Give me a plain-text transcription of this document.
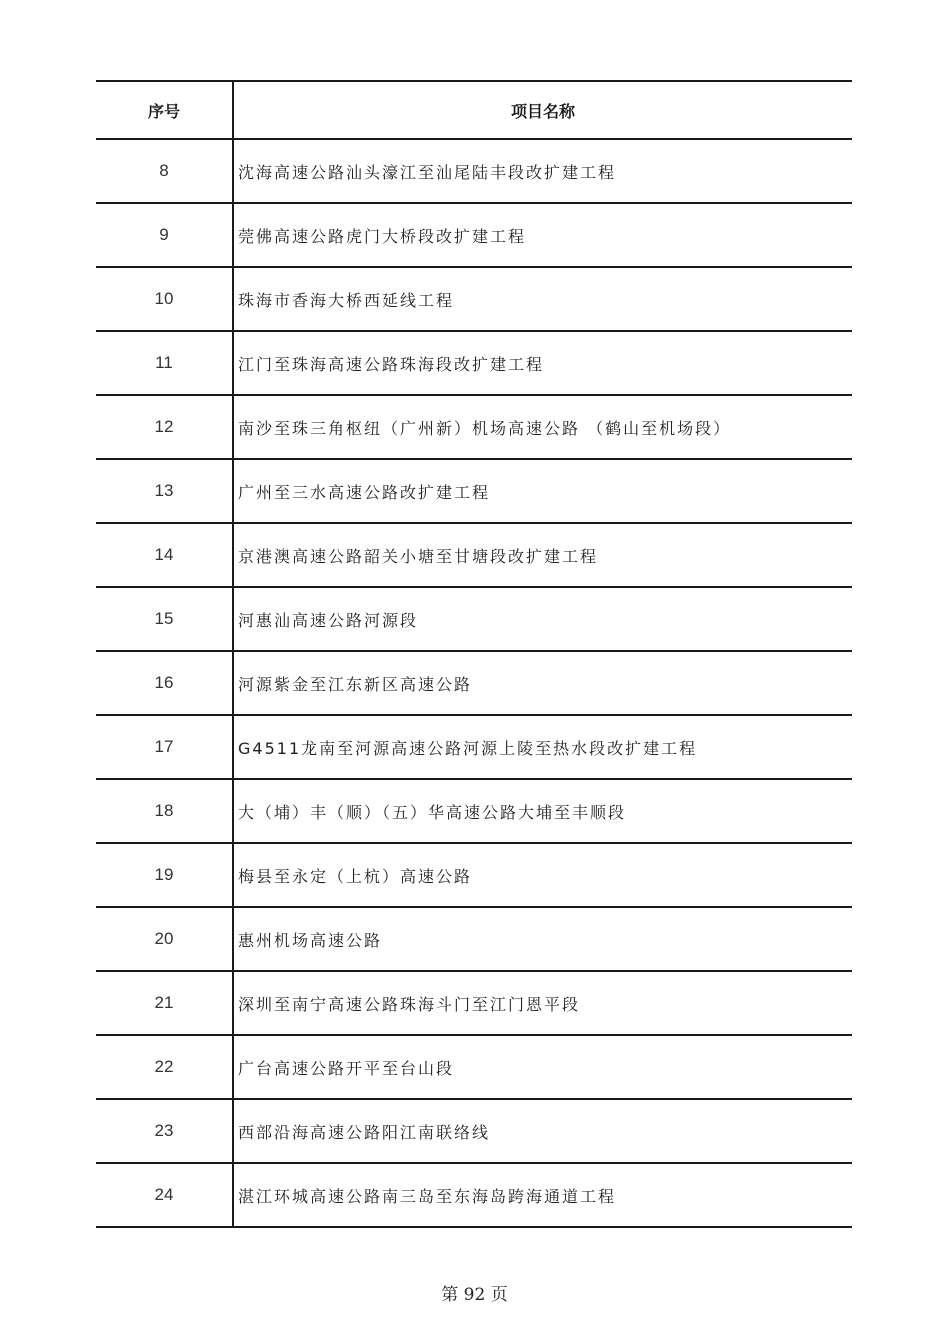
序号	项目名称
8	沈海高速公路汕头濠江至汕尾陆丰段改扩建工程
9	莞佛高速公路虎门大桥段改扩建工程
10	珠海市香海大桥西延线工程
11	江门至珠海高速公路珠海段改扩建工程
12	南沙至珠三角枢纽（广州新）机场高速公路 （鹤山至机场段）
13	广州至三水高速公路改扩建工程
14	京港澳高速公路韶关小塘至甘塘段改扩建工程
15	河惠汕高速公路河源段
16	河源紫金至江东新区高速公路
17	G4511龙南至河源高速公路河源上陵至热水段改扩建工程
18	大（埔）丰（顺）（五）华高速公路大埔至丰顺段
19	梅县至永定（上杭）高速公路
20	惠州机场高速公路
21	深圳至南宁高速公路珠海斗门至江门恩平段
22	广台高速公路开平至台山段
23	西部沿海高速公路阳江南联络线
24	湛江环城高速公路南三岛至东海岛跨海通道工程
第 92 页
